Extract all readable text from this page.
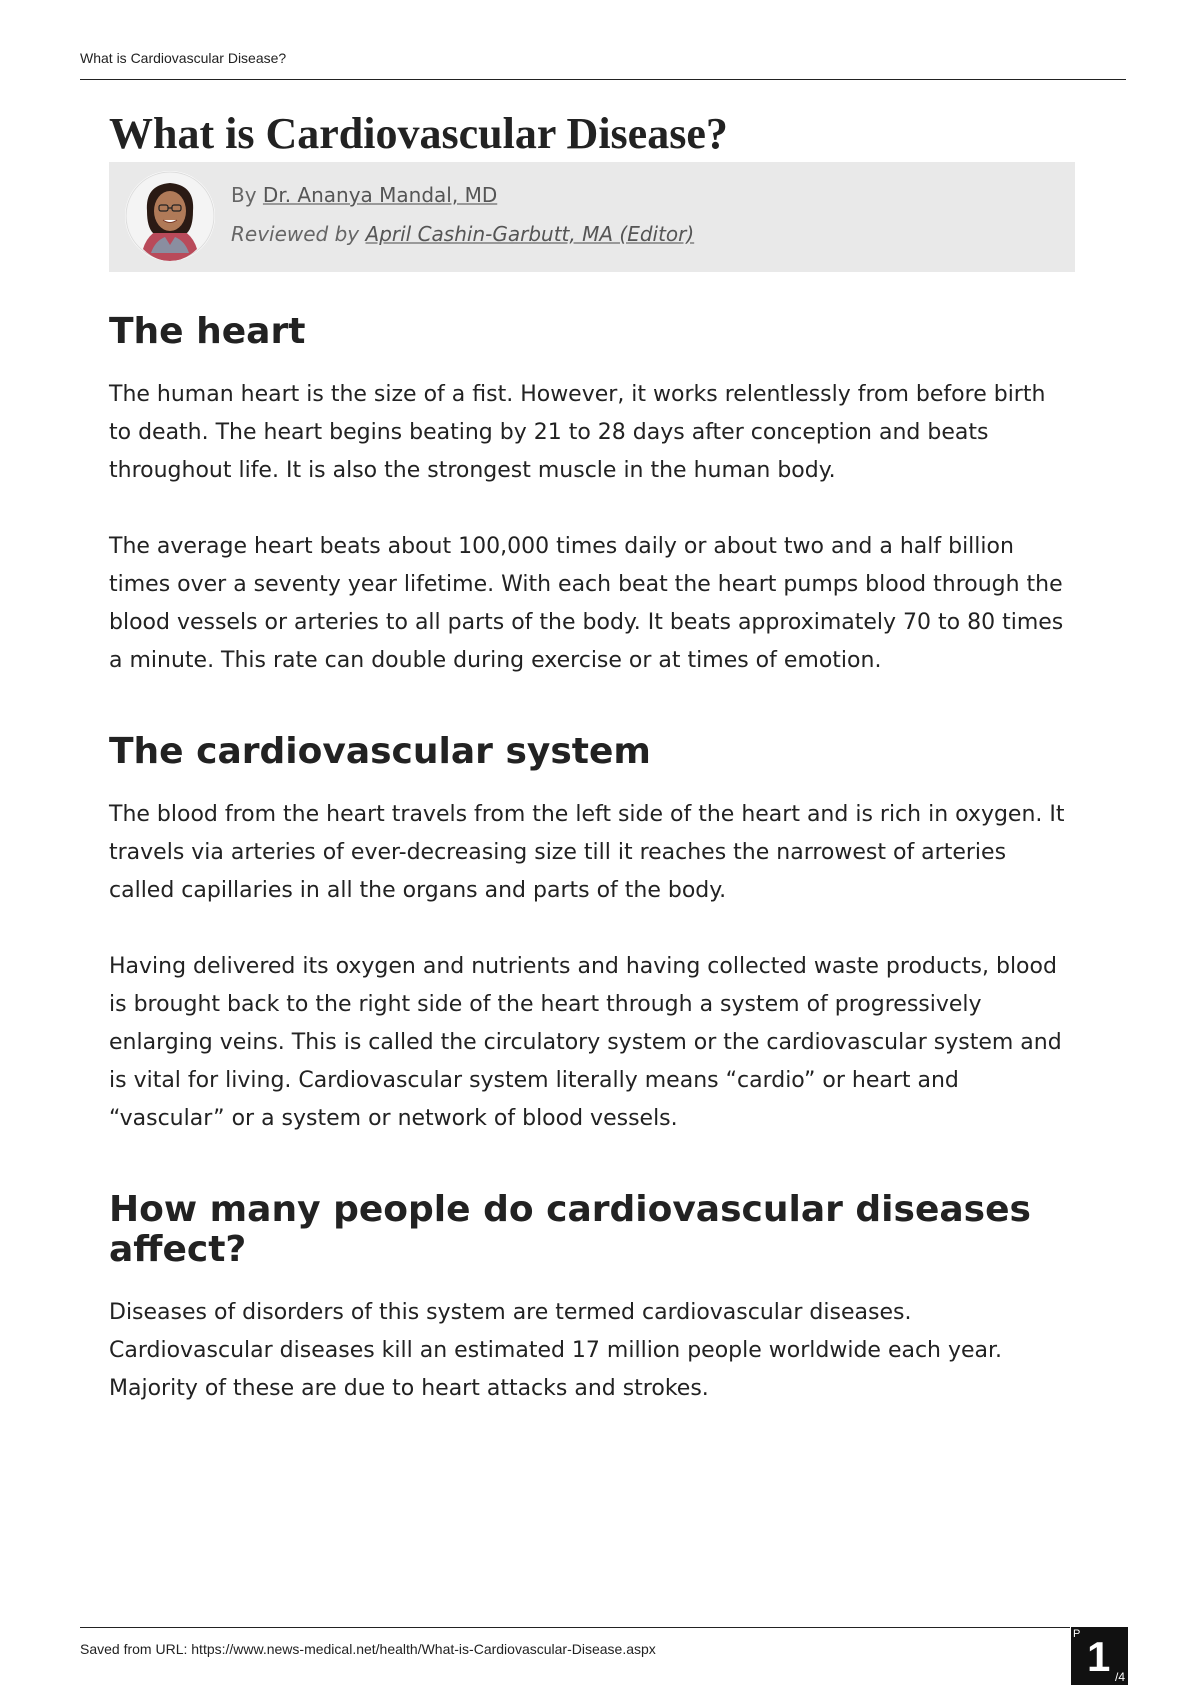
What is Cardiovascular Disease?
What is Cardiovascular Disease?
By Dr. Ananya Mandal, MD
Reviewed by April Cashin-Garbutt, MA (Editor)
The heart

The human heart is the size of a fist. However, it works relentlessly from before birth to death. The heart begins beating by 21 to 28 days after conception and beats throughout life. It is also the strongest muscle in the human body.

The average heart beats about 100,000 times daily or about two and a half billion times over a seventy year lifetime. With each beat the heart pumps blood through the blood vessels or arteries to all parts of the body. It beats approximately 70 to 80 times a minute. This rate can double during exercise or at times of emotion.

The cardiovascular system

The blood from the heart travels from the left side of the heart and is rich in oxygen. It travels via arteries of ever-decreasing size till it reaches the narrowest of arteries called capillaries in all the organs and parts of the body.

Having delivered its oxygen and nutrients and having collected waste products, blood is brought back to the right side of the heart through a system of progressively enlarging veins. This is called the circulatory system or the cardiovascular system and is vital for living. Cardiovascular system literally means “cardio” or heart and “vascular” or a system or network of blood vessels.

How many people do cardiovascular diseases affect?

Diseases of disorders of this system are termed cardiovascular diseases. Cardiovascular diseases kill an estimated 17 million people worldwide each year. Majority of these are due to heart attacks and strokes.

Saved from URL: https://www.news-medical.net/health/What-is-Cardiovascular-Disease.aspx
P 1 /4
